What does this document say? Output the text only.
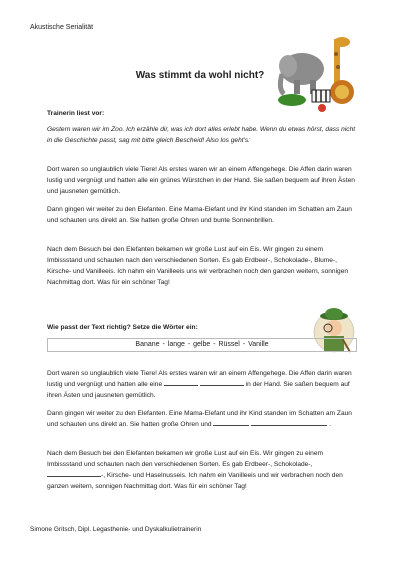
Akustische Serialität
Was stimmt da wohl nicht?
Trainerin liest vor:
Gestern waren wir im Zoo. Ich erzähle dir, was ich dort alles erlebt habe. Wenn du etwas hörst, dass nicht in die Geschichte passt, sag mit bitte gleich Bescheid! Also los geht's:
Dort waren so unglaublich viele Tiere! Als erstes waren wir an einem Affengehege. Die Affen darin waren lustig und vergnügt und hatten alle ein grünes Würstchen in der Hand. Sie saßen bequem auf ihren Ästen und jausneten gemütlich.
Dann gingen wir weiter zu den Elefanten. Eine Mama-Elefant und ihr Kind standen im Schatten am Zaun und schauten uns direkt an. Sie hatten große Ohren und bunte Sonnenbrillen.
Nach dem Besuch bei den Elefanten bekamen wir große Lust auf ein Eis. Wir gingen zu einem Imbissstand und schauten nach den verschiedenen Sorten. Es gab Erdbeer-, Schokolade-, Blume-, Kirsche- und Vanilleeis. Ich nahm ein Vanilleeis uns wir verbrachen noch den ganzen weitern, sonnigen Nachmittag dort. Was für ein schöner Tag!
Wie passt der Text richtig? Setze die Wörter ein:
Banane - lange - gelbe - Rüssel - Vanille
Dort waren so unglaublich viele Tiere! Als erstes waren wir an einem Affengehege. Die Affen darin waren lustig und vergnügt und hatten alle eine	in der Hand. Sie saßen bequem auf ihren Ästen und jausneten gemütlich.
Dann gingen wir weiter zu den Elefanten. Eine Mama-Elefant und ihr Kind standen im Schatten am Zaun und schauten uns direkt an. Sie hatten große Ohren und	.
Nach dem Besuch bei den Elefanten bekamen wir große Lust auf ein Eis. Wir gingen zu einem Imbissstand und schauten nach den verschiedenen Sorten. Es gab Erdbeer-, Schokolade-, -, Kirsche- und Haselnusseis. Ich nahm ein Vanilleeis und wir verbrachen noch den ganzen weitern, sonnigen Nachmittag dort. Was für ein schöner Tag!
Simone Gritsch, Dipl. Legasthenie- und Dyskalkulietrainerin
